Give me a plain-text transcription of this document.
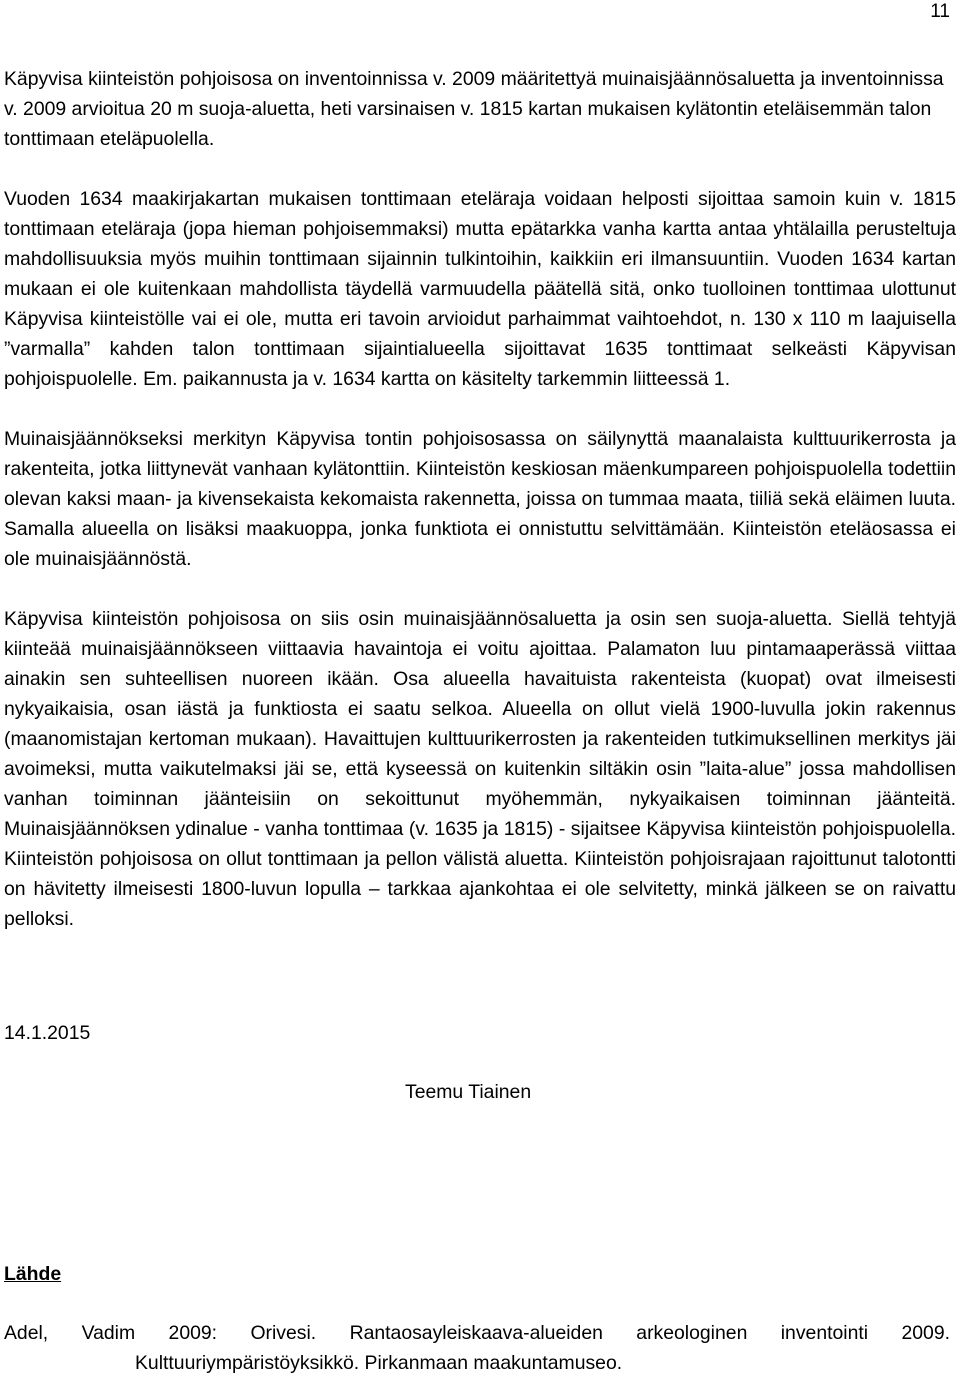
11

Käpyvisa kiinteistön pohjoisosa on inventoinnissa v. 2009 määritettyä muinaisjäännösaluetta ja inventoinnissa v. 2009 arvioitua 20 m suoja-aluetta, heti varsinaisen v. 1815 kartan mukaisen kylätontin eteläisemmän talon tonttimaan eteläpuolella.

Vuoden 1634 maakirjakartan mukaisen tonttimaan eteläraja voidaan helposti sijoittaa samoin kuin v. 1815 tonttimaan eteläraja (jopa hieman pohjoisemmaksi) mutta epätarkka vanha kartta antaa yhtälailla perusteltuja mahdollisuuksia myös muihin tonttimaan sijainnin tulkintoihin, kaikkiin eri ilmansuuntiin. Vuoden 1634 kartan mukaan ei ole kuitenkaan mahdollista täydellä varmuudella päätellä sitä, onko tuolloinen tonttimaa ulottunut Käpyvisa kiinteistölle vai ei ole, mutta eri tavoin arvioidut parhaimmat vaihtoehdot, n. 130 x 110 m laajuisella ”varmalla” kahden talon tonttimaan sijaintialueella sijoittavat 1635 tonttimaat selkeästi Käpyvisan pohjoispuolelle. Em. paikannusta ja v. 1634 kartta on käsitelty tarkemmin liitteessä 1.

Muinaisjäännökseksi merkityn Käpyvisa tontin pohjoisosassa on säilynyttä maanalaista kulttuurikerrosta ja rakenteita, jotka liittynevät vanhaan kylätonttiin. Kiinteistön keskiosan mäenkumpareen pohjoispuolella todettiin olevan kaksi maan- ja kivensekaista kekomaista rakennetta, joissa on tummaa maata, tiiliä sekä eläimen luuta. Samalla alueella on lisäksi maakuoppa, jonka funktiota ei onnistuttu selvittämään. Kiinteistön eteläosassa ei ole muinaisjäännöstä.

Käpyvisa kiinteistön pohjoisosa on siis osin muinaisjäännösaluetta ja osin sen suoja-aluetta. Siellä tehtyjä kiinteää muinaisjäännökseen viittaavia havaintoja ei voitu ajoittaa. Palamaton luu pintamaaperässä viittaa ainakin sen suhteellisen nuoreen ikään. Osa alueella havaituista rakenteista (kuopat) ovat ilmeisesti nykyaikaisia, osan iästä ja funktiosta ei saatu selkoa. Alueella on ollut vielä 1900-luvulla jokin rakennus (maanomistajan kertoman mukaan). Havaittujen kulttuurikerrosten ja rakenteiden tutkimuksellinen merkitys jäi avoimeksi, mutta vaikutelmaksi jäi se, että kyseessä on kuitenkin siltäkin osin ”laita-alue” jossa mahdollisen vanhan toiminnan jäänteisiin on sekoittunut myöhemmän, nykyaikaisen toiminnan jäänteitä. Muinaisjäännöksen ydinalue - vanha tonttimaa (v. 1635 ja 1815) - sijaitsee Käpyvisa kiinteistön pohjoispuolella. Kiinteistön pohjoisosa on ollut tonttimaan ja pellon välistä aluetta. Kiinteistön pohjoisrajaan rajoittunut talotontti on hävitetty ilmeisesti 1800-luvun lopulla – tarkkaa ajankohtaa ei ole selvitetty, minkä jälkeen se on raivattu pelloksi.

14.1.2015
Teemu Tiainen
Lähde

Adel, Vadim 2009: Orivesi. Rantaosayleiskaava-alueiden arkeologinen inventointi 2009. Kulttuuriympäristöyksikkö. Pirkanmaan maakuntamuseo.
